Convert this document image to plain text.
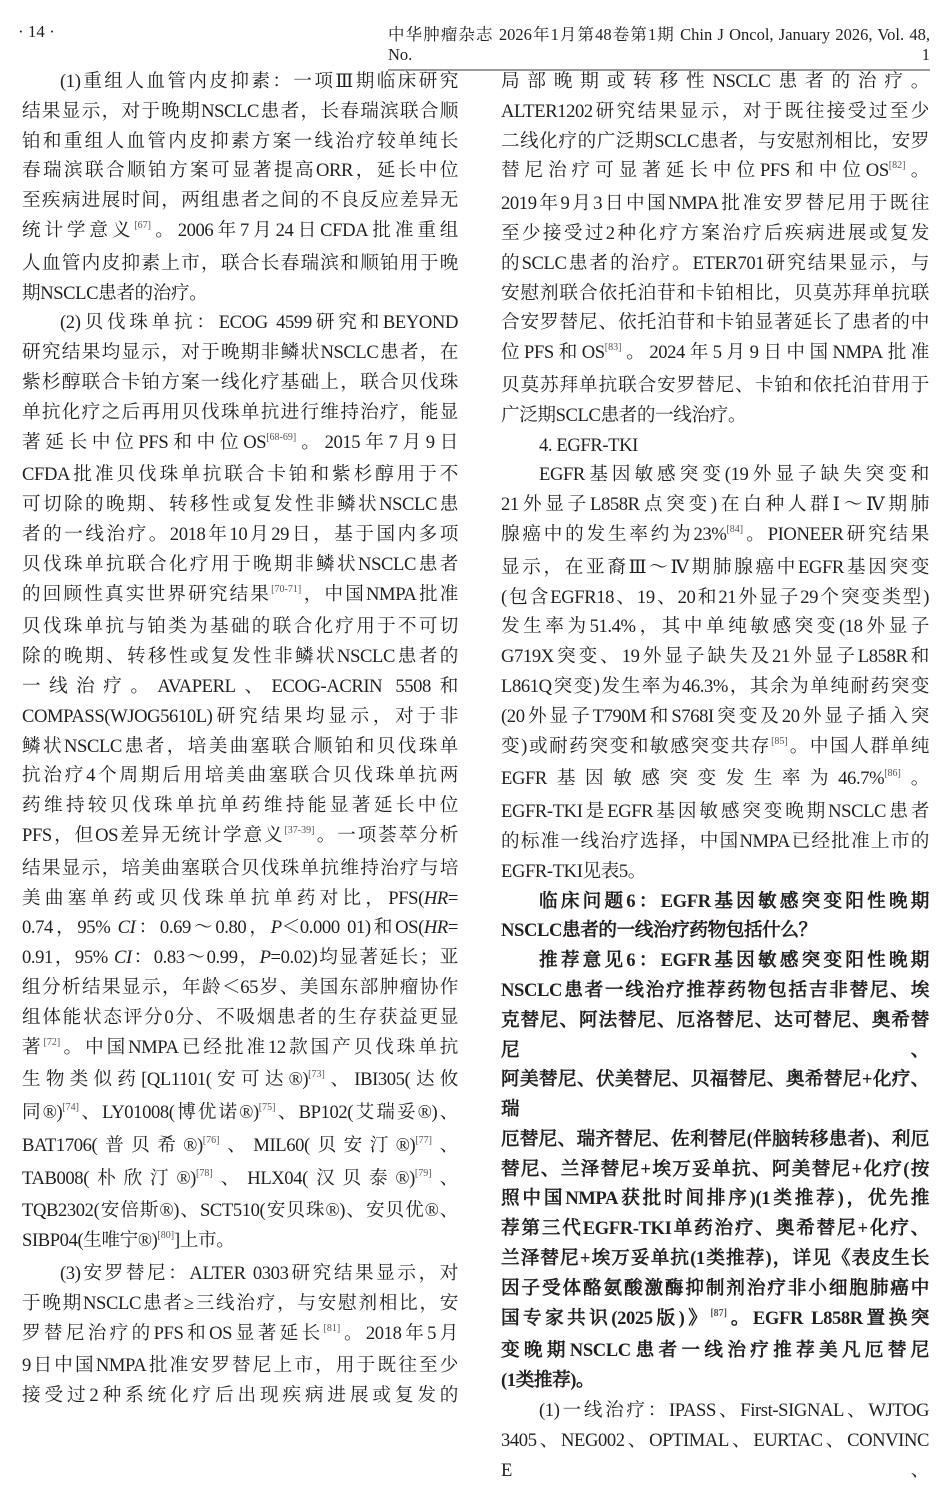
· 14 ·	中华肿瘤杂志 2026年1月第48卷第1期 Chin J Oncol, January 2026, Vol. 48, No. 1
(1)重组人血管内皮抑素：一项Ⅲ期临床研究
结果显示，对于晚期NSCLC患者，长春瑞滨联合顺
铂和重组人血管内皮抑素方案一线治疗较单纯长
春瑞滨联合顺铂方案可显著提高ORR，延长中位
至疾病进展时间，两组患者之间的不良反应差异无
统计学意义[67]。2006年7月24日CFDA批准重组
人血管内皮抑素上市，联合长春瑞滨和顺铂用于晚
期NSCLC患者的治疗。
(2)贝伐珠单抗：ECOG 4599研究和BEYOND
研究结果均显示，对于晚期非鳞状NSCLC患者，在
紫杉醇联合卡铂方案一线化疗基础上，联合贝伐珠
单抗化疗之后再用贝伐珠单抗进行维持治疗，能显
著延长中位PFS和中位OS[68-69]。2015年7月9日
CFDA批准贝伐珠单抗联合卡铂和紫杉醇用于不
可切除的晚期、转移性或复发性非鳞状NSCLC患
者的一线治疗。2018年10月29日，基于国内多项
贝伐珠单抗联合化疗用于晚期非鳞状NSCLC患者
的回顾性真实世界研究结果[70-71]，中国NMPA批准
贝伐珠单抗与铂类为基础的联合化疗用于不可切
除的晚期、转移性或复发性非鳞状NSCLC患者的
一线治疗。AVAPERL、ECOG-ACRIN 5508和
COMPASS(WJOG5610L)研究结果均显示，对于非
鳞状NSCLC患者，培美曲塞联合顺铂和贝伐珠单
抗治疗4个周期后用培美曲塞联合贝伐珠单抗两
药维持较贝伐珠单抗单药维持能显著延长中位
PFS，但OS差异无统计学意义[37-39]。一项荟萃分析
结果显示，培美曲塞联合贝伐珠单抗维持治疗与培
美曲塞单药或贝伐珠单抗单药对比，PFS(HR=
0.74，95% CI：0.69～0.80，P＜0.000 01)和OS(HR=
0.91，95% CI：0.83～0.99，P=0.02)均显著延长；亚
组分析结果显示，年龄＜65岁、美国东部肿瘤协作
组体能状态评分0分、不吸烟患者的生存获益更显
著[72]。中国NMPA已经批准12款国产贝伐珠单抗
生物类似药[QL1101(安可达®)[73]、IBI305(达攸
同®)[74]、LY01008(博优诺®)[75]、BP102(艾瑞妥®)、
BAT1706(普贝希®)[76]、MIL60(贝安汀®)[77]、
TAB008(朴欣汀®)[78]、HLX04(汉贝泰®)[79]、
TQB2302(安倍斯®)、SCT510(安贝珠®)、安贝优®、
SIBP04(生唯宁®)[80]]上市。
(3)安罗替尼：ALTER 0303研究结果显示，对
于晚期NSCLC患者≥三线治疗，与安慰剂相比，安
罗替尼治疗的PFS和OS显著延长[81]。2018年5月
9日中国NMPA批准安罗替尼上市，用于既往至少
接受过2种系统化疗后出现疾病进展或复发的
局部晚期或转移性NSCLC患者的治疗。
ALTER1202研究结果显示，对于既往接受过至少
二线化疗的广泛期SCLC患者，与安慰剂相比，安罗
替尼治疗可显著延长中位PFS和中位OS[82]。
2019年9月3日中国NMPA批准安罗替尼用于既往
至少接受过2种化疗方案治疗后疾病进展或复发
的SCLC患者的治疗。ETER701研究结果显示，与
安慰剂联合依托泊苷和卡铂相比，贝莫苏拜单抗联
合安罗替尼、依托泊苷和卡铂显著延长了患者的中
位PFS和OS[83]。2024年5月9日中国NMPA批准
贝莫苏拜单抗联合安罗替尼、卡铂和依托泊苷用于
广泛期SCLC患者的一线治疗。
4. EGFR-TKI
EGFR基因敏感突变(19外显子缺失突变和
21外显子L858R点突变)在白种人群Ⅰ～Ⅳ期肺
腺癌中的发生率约为23%[84]。PIONEER研究结果
显示，在亚裔Ⅲ～Ⅳ期肺腺癌中EGFR基因突变
(包含EGFR18、19、20和21外显子29个突变类型)
发生率为51.4%，其中单纯敏感突变(18外显子
G719X突变、19外显子缺失及21外显子L858R和
L861Q突变)发生率为46.3%，其余为单纯耐药突变
(20外显子T790M和S768I突变及20外显子插入突
变)或耐药突变和敏感突变共存[85]。中国人群单纯
EGFR基因敏感突变发生率为46.7%[86]。
EGFR-TKI是EGFR基因敏感突变晚期NSCLC患者
的标准一线治疗选择，中国NMPA已经批准上市的
EGFR-TKI见表5。
临床问题6：EGFR基因敏感突变阳性晚期
NSCLC患者的一线治疗药物包括什么？
推荐意见6：EGFR基因敏感突变阳性晚期
NSCLC患者一线治疗推荐药物包括吉非替尼、埃
克替尼、阿法替尼、厄洛替尼、达可替尼、奥希替尼、
阿美替尼、伏美替尼、贝福替尼、奥希替尼+化疗、瑞
厄替尼、瑞齐替尼、佐利替尼(伴脑转移患者)、利厄
替尼、兰泽替尼+埃万妥单抗、阿美替尼+化疗(按
照中国NMPA获批时间排序)(1类推荐)，优先推
荐第三代EGFR-TKI单药治疗、奥希替尼+化疗、
兰泽替尼+埃万妥单抗(1类推荐)，详见《表皮生长
因子受体酪氨酸激酶抑制剂治疗非小细胞肺癌中
国专家共识(2025版)》[87]。EGFR L858R置换突
变晚期NSCLC患者一线治疗推荐美凡厄替尼
(1类推荐)。
(1)一线治疗：IPASS、First-SIGNAL、WJTOG
3405、NEG002、OPTIMAL、EURTAC、CONVINCE、
